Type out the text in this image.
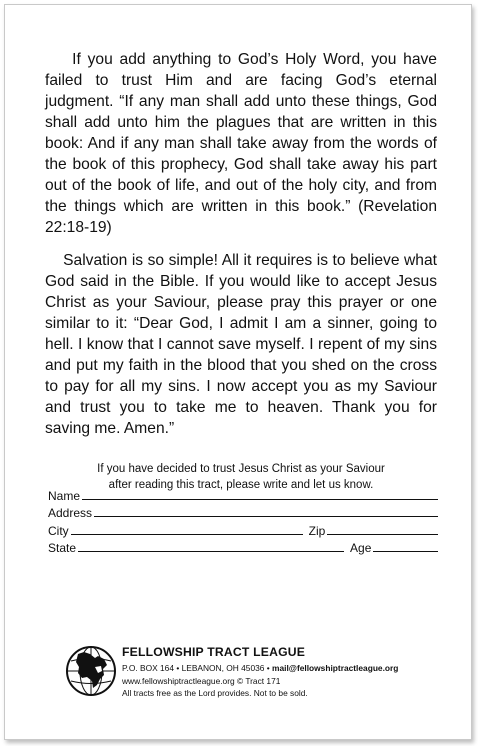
If you add anything to God’s Holy Word, you have failed to trust Him and are facing God’s eternal judgment. “If any man shall add unto these things, God shall add unto him the plagues that are written in this book: And if any man shall take away from the words of the book of this prophecy, God shall take away his part out of the book of life, and out of the holy city, and from the things which are written in this book.” (Revelation 22:18-19)

Salvation is so simple! All it requires is to believe what God said in the Bible. If you would like to accept Jesus Christ as your Saviour, please pray this prayer or one similar to it: “Dear God, I admit I am a sinner, going to hell. I know that I cannot save myself. I repent of my sins and put my faith in the blood that you shed on the cross to pay for all my sins. I now accept you as my Saviour and trust you to take me to heaven. Thank you for saving me. Amen.”

If you have decided to trust Jesus Christ as your Saviour
after reading this tract, please write and let us know.

Name
Address
City	Zip
State	Age

FELLOWSHIP TRACT LEAGUE

P.O. BOX 164 • LEBANON, OH 45036 • mail@fellowshiptractleague.org

www.fellowshiptractleague.org © Tract 171

All tracts free as the Lord provides. Not to be sold.
